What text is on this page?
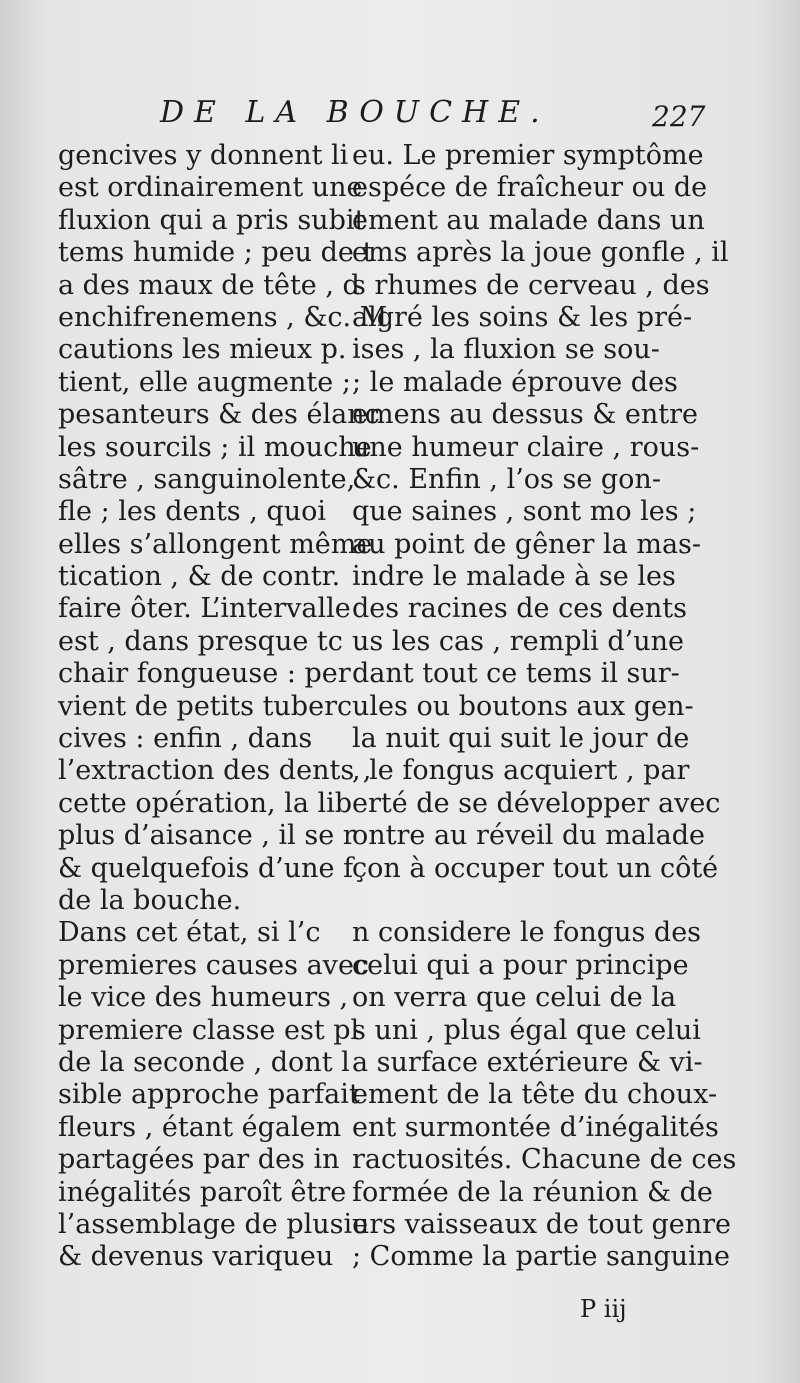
DE LA BOUCHE.	227
gencives y donnent li
est ordinairement une
fluxion qui a pris subit
tems humide ; peu de t
a des maux de tête , d
enchifrenemens , &c. M
cautions les mieux p.
tient, elle augmente ;
pesanteurs & des élanc
les sourcils ; il mouche
sâtre , sanguinolente,
fle ; les dents , quoi
elles s’allongent même
tication , & de contr.
faire ôter. L’intervalle
est , dans presque tc
chair fongueuse : per
vient de petits tuberc
cives : enfin , dans
l’extraction des dents ,
cette opération, la lib
plus d’aisance , il se r
& quelquefois d’une f
de la bouche.
Dans cet état, si l’c
premieres causes avec
le vice des humeurs ,
premiere classe est pl
de la seconde , dont l
sible approche parfait
fleurs , étant égalem
partagées par des in
inégalités paroît être
l’assemblage de plusie
& devenus variqueu
eu. Le premier symptôme
espéce de fraîcheur ou de
ement au malade dans un
ems après la joue gonfle , il
s rhumes de cerveau , des
algré les soins & les pré-
ises , la fluxion se sou-
; le malade éprouve des
emens au dessus & entre
une humeur claire , rous-
&c. Enfin , l’os se gon-
que saines , sont mo les ;
au point de gêner la mas-
indre le malade à se les
des racines de ces dents
us les cas , rempli d’une
dant tout ce tems il sur-
ules ou boutons aux gen-
la nuit qui suit le jour de
, le fongus acquiert , par
erté de se développer avec
ontre au réveil du malade
çon à occuper tout un côté
n considere le fongus des
celui qui a pour principe
on verra que celui de la
s uni , plus égal que celui
a surface extérieure & vi-
ement de la tête du choux-
ent surmontée d’inégalités
ractuosités. Chacune de ces
formée de la réunion & de
urs vaisseaux de tout genre
; Comme la partie sanguine
P iij
